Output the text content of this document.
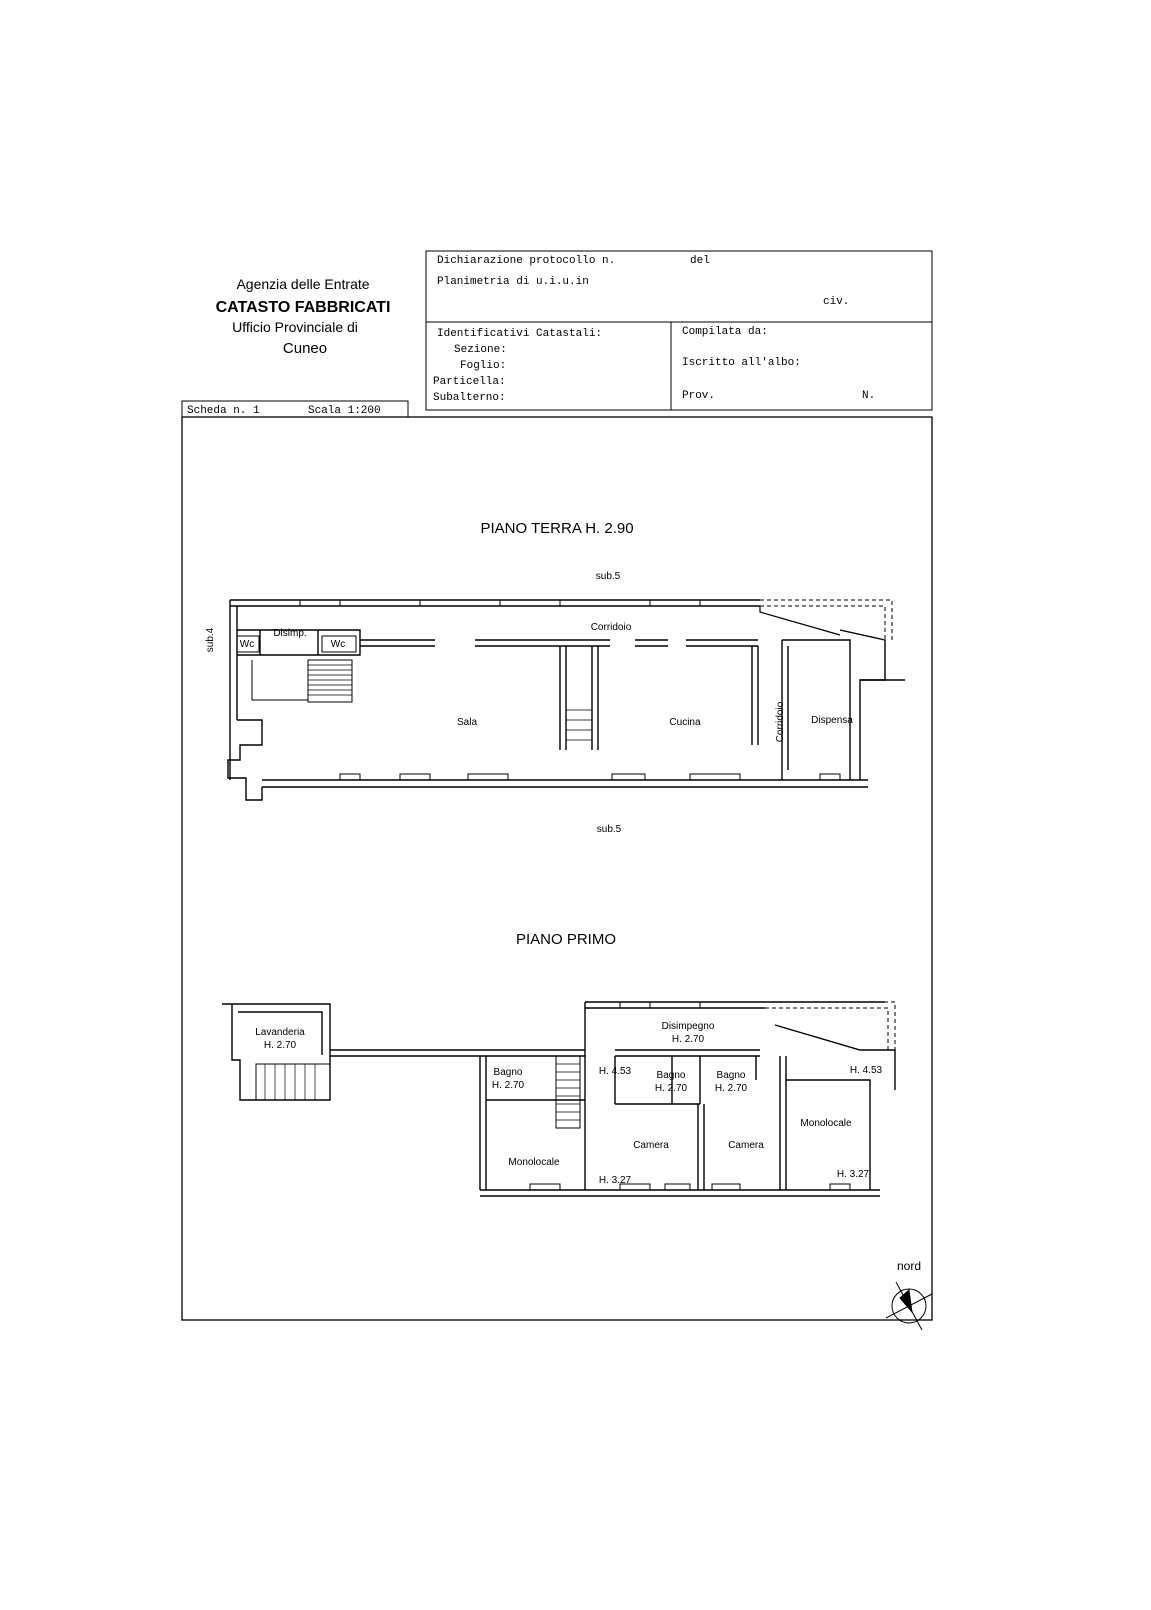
Agenzia delle Entrate
CATASTO FABBRICATI
Ufficio Provinciale di
Cuneo
Dichiarazione protocollo n.	del
Planimetria di u.i.u.in
civ.
Identificativi Catastali:
Sezione:
Foglio:
Particella:
Subalterno:
Compilata da:
Iscritto all'albo:
Prov.	N.
Scheda n. 1	Scala 1:200
PIANO TERRA H. 2.90
sub.5
sub.5
sub.4 Wc
Disimp.
Wc
Corridoio
Sala	Cucina	Corridoio	Dispensa
PIANO PRIMO
Lavanderia
H. 2.70
Disimpegno
H. 2.70
Bagno
H. 2.70
H. 4.53	Bagno
H. 2.70
Bagno
H. 2.70
H. 4.53
Monolocale
Camera	Camera
Monolocale
H. 3.27
H. 3.27
nord
